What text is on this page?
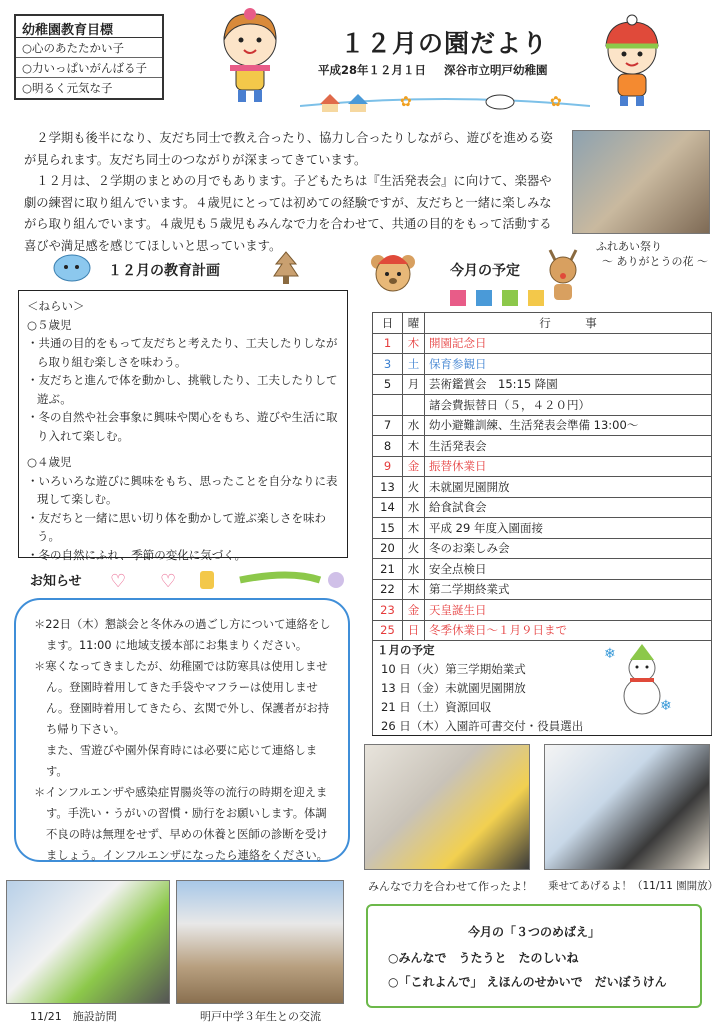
幼稚園教育目標
○心のあたたかい子
○力いっぱいがんばる子
○明るく元気な子
✿	✿
１２月の園だより
平成28年１２月１日 深谷市立明戸幼稚園

２学期も後半になり、友だち同士で教え合ったり、協力し合ったりしながら、遊びを進める姿が見られます。友だち同士のつながりが深まってきています。

１２月は、２学期のまとめの月でもあります。子どもたちは『生活発表会』に向けて、楽器や劇の練習に取り組んでいます。４歳児にとっては初めての経験ですが、友だちと一緒に楽しみながら取り組んでいます。４歳児も５歳児もみんなで力を合わせて、共通の目的をもって活動する喜びや満足感を感じてほしいと思っています。	ふれあい祭り
～ ありがとうの花 ～
１２月の教育計画
＜ねらい＞
○５歳児
・共通の目的をもって友だちと考えたり、工夫したりしながら取り組む楽しさを味わう。
・友だちと進んで体を動かし、挑戦したり、工夫したりして遊ぶ。
・冬の自然や社会事象に興味や関心をもち、遊びや生活に取り入れて楽しむ。
○４歳児
・いろいろな遊びに興味をもち、思ったことを自分なりに表現して楽しむ。
・友だちと一緒に思い切り体を動かして遊ぶ楽しさを味わう。
・冬の自然にふれ、季節の変化に気づく。
お知らせ ♡ ♡
＊22日（木）懇談会と冬休みの過ごし方について連絡をします。11:00 に地域支援本部にお集まりください。
＊寒くなってきましたが、幼稚園では防寒具は使用しません。登園時着用してきた手袋やマフラーは使用しません。登園時着用してきたら、玄関で外し、保護者がお持ち帰り下さい。
また、雪遊びや園外保育時には必要に応じて連絡します。
＊インフルエンザや感染症胃腸炎等の流行の時期を迎えます。手洗い・うがいの習慣・励行をお願いします。体調不良の時は無理をせず、早めの休養と医師の診断を受けましょう。インフルエンザになったら連絡をください。
今月の予定
日	曜	行　　　事
1	木	開園記念日
3	土	保育参観日
5	月	芸術鑑賞会　15:15 降園
		諸会費振替日（５，４２０円）
7	水	幼小避難訓練、生活発表会準備 13:00～
8	木	生活発表会
9	金	振替休業日
13	火	未就園児園開放
14	水	給食試食会
15	木	平成 29 年度入園面接
20	火	冬のお楽しみ会
21	水	安全点検日
22	木	第二学期終業式
23	金	天皇誕生日
25	日	冬季休業日～１月９日まで
１月の予定		
10 日（火）第三学期始業式		
13 日（金）未就園児園開放		
21 日（土）資源回収		
26 日（木）入園許可書交付・役員選出		
❄
❄
みんなで力を合わせて作ったよ！ 乗せてあげるよ！（11/11 園開放）
11/21　施設訪問	明戸中学３年生との交流
今月の「３つのめばえ」
○みんなで　うたうと　たのしいね
○「これよんで」 えほんのせかいで　だいぼうけん
